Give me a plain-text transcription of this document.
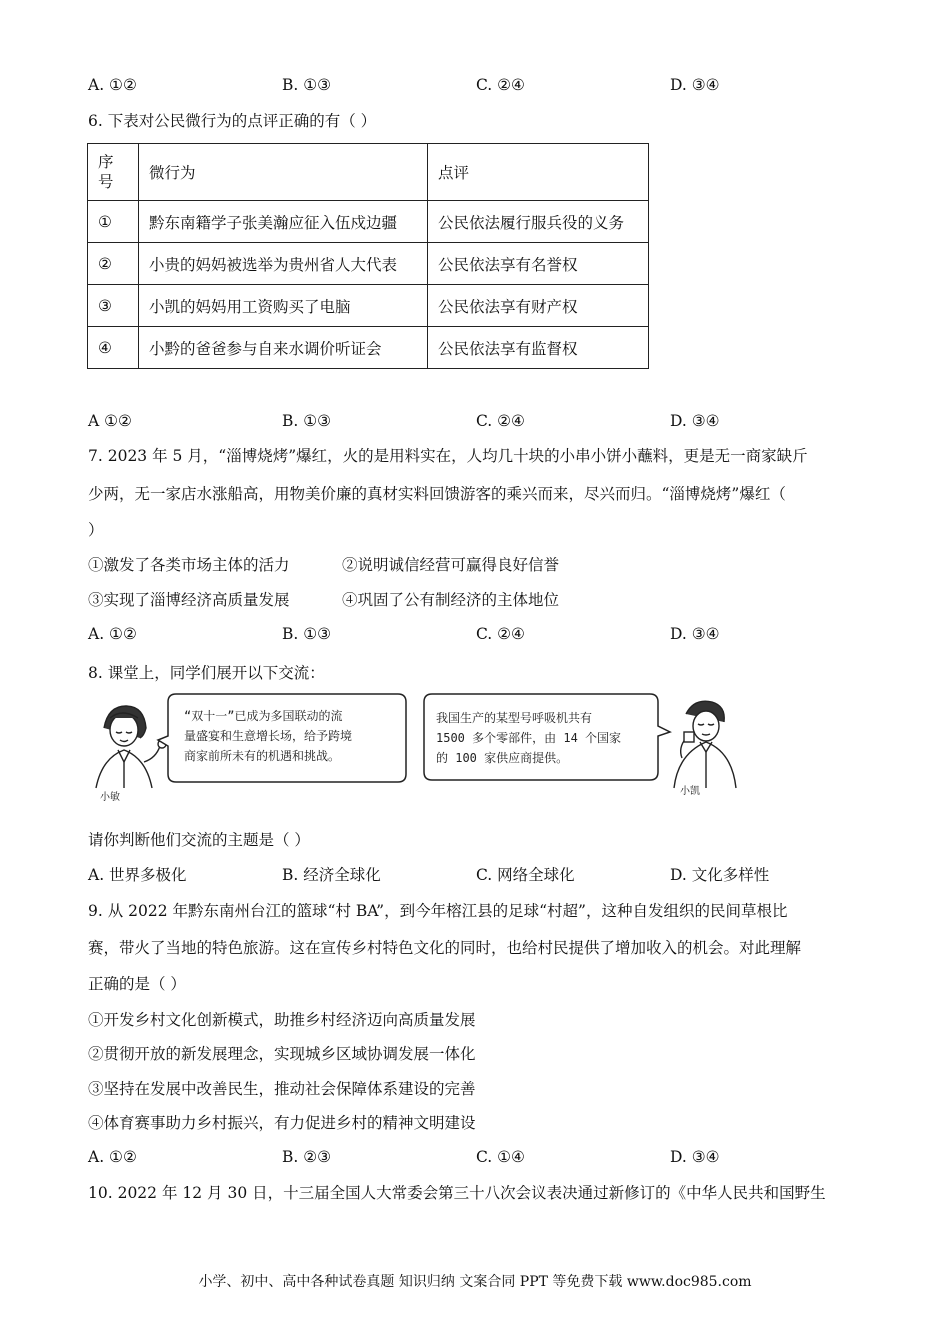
A. ①②	B. ①③	C. ②④	D. ③④
6. 下表对公民微行为的点评正确的有（ ）
序号	微行为	点评
①	黔东南籍学子张美瀚应征入伍戍边疆	公民依法履行服兵役的义务
②	小贵的妈妈被选举为贵州省人大代表	公民依法享有名誉权
③	小凯的妈妈用工资购买了电脑	公民依法享有财产权
④	小黔的爸爸参与自来水调价听证会	公民依法享有监督权
A ①②	B. ①③	C. ②④	D. ③④
7. 2023 年 5 月，“淄博烧烤”爆红，火的是用料实在，人均几十块的小串小饼小蘸料，更是无一商家缺斤
少两，无一家店水涨船高，用物美价廉的真材实料回馈游客的乘兴而来，尽兴而归。“淄博烧烤”爆红（
）
①激发了各类市场主体的活力	②说明诚信经营可赢得良好信誉
③实现了淄博经济高质量发展	④巩固了公有制经济的主体地位
A. ①②	B. ①③	C. ②④	D. ③④
8. 课堂上，同学们展开以下交流：
小敏
“双十一”已成为多国联动的流
量盛宴和生意增长场，给予跨境
商家前所未有的机遇和挑战。
我国生产的某型号呼吸机共有
1500 多个零部件，由 14 个国家
的 100 家供应商提供。
小凯
请你判断他们交流的主题是（ ）
A. 世界多极化	B. 经济全球化	C. 网络全球化	D. 文化多样性
9. 从 2022 年黔东南州台江的篮球“村 BA”，到今年榕江县的足球“村超”，这种自发组织的民间草根比
赛，带火了当地的特色旅游。这在宣传乡村特色文化的同时，也给村民提供了增加收入的机会。对此理解
正确的是（ ）
①开发乡村文化创新模式，助推乡村经济迈向高质量发展
②贯彻开放的新发展理念，实现城乡区域协调发展一体化
③坚持在发展中改善民生，推动社会保障体系建设的完善
④体育赛事助力乡村振兴，有力促进乡村的精神文明建设
A. ①②	B. ②③	C. ①④	D. ③④
10. 2022 年 12 月 30 日，十三届全国人大常委会第三十八次会议表决通过新修订的《中华人民共和国野生
小学、初中、高中各种试卷真题 知识归纳 文案合同 PPT 等免费下载 www.doc985.com
